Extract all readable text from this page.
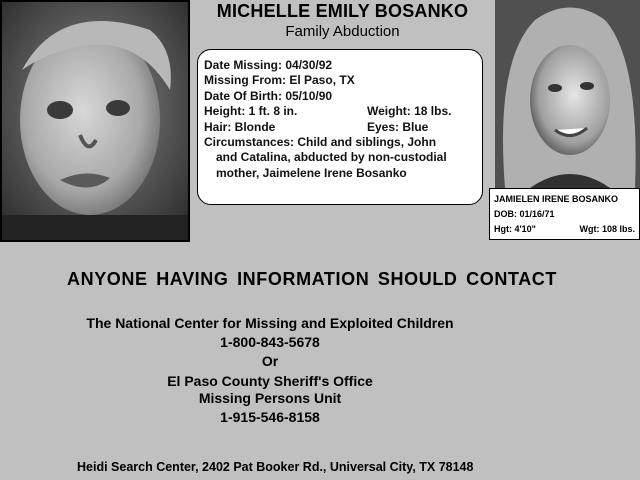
MICHELLE EMILY BOSANKO
Family Abduction
Date Missing: 04/30/92
Missing From: El Paso, TX
Date Of Birth: 05/10/90
Height: 1 ft. 8 in.	Weight: 18 lbs.
Hair: Blonde	Eyes: Blue
Circumstances: Child and siblings, John
and Catalina, abducted by non-custodial
mother, Jaimelene Irene Bosanko
JAMIELEN IRENE BOSANKO
DOB: 01/16/71
Hgt: 4'10"	Wgt: 108 lbs.
ANYONE HAVING INFORMATION SHOULD CONTACT
The National Center for Missing and Exploited Children
1-800-843-5678
Or
El Paso County Sheriff's Office
Missing Persons Unit
1-915-546-8158
Heidi Search Center, 2402 Pat Booker Rd., Universal City, TX 78148
